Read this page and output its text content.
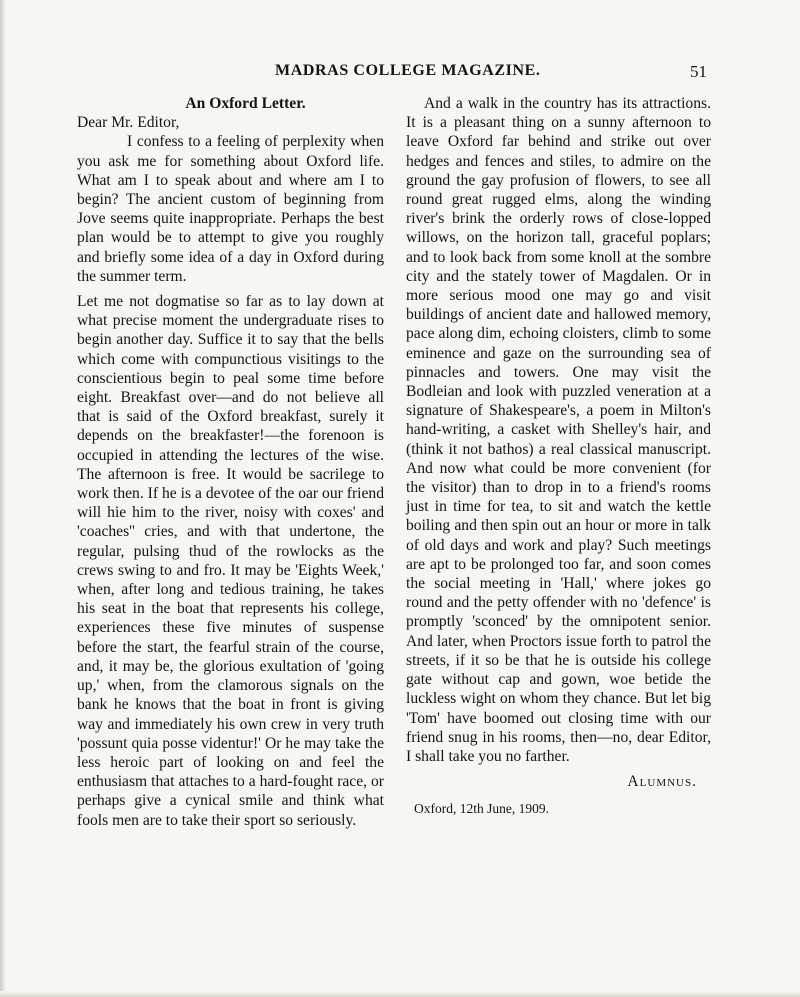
MADRAS COLLEGE MAGAZINE.	51
An Oxford Letter.

Dear Mr. Editor,

I confess to a feeling of perplexity when you ask me for something about Oxford life. What am I to speak about and where am I to begin? The ancient custom of beginning from Jove seems quite inappropriate. Perhaps the best plan would be to attempt to give you roughly and briefly some idea of a day in Oxford during the summer term.

Let me not dogmatise so far as to lay down at what precise moment the undergraduate rises to begin another day. Suffice it to say that the bells which come with compunctious visitings to the conscientious begin to peal some time before eight. Breakfast over—and do not believe all that is said of the Oxford breakfast, surely it depends on the breakfaster!—the forenoon is occupied in attending the lectures of the wise. The afternoon is free. It would be sacrilege to work then. If he is a devotee of the oar our friend will hie him to the river, noisy with coxes' and 'coaches'' cries, and with that undertone, the regular, pulsing thud of the rowlocks as the crews swing to and fro. It may be 'Eights Week,' when, after long and tedious training, he takes his seat in the boat that represents his college, experiences these five minutes of suspense before the start, the fearful strain of the course, and, it may be, the glorious exultation of 'going up,' when, from the clamorous signals on the bank he knows that the boat in front is giving way and immediately his own crew in very truth 'possunt quia posse videntur!' Or he may take the less heroic part of looking on and feel the enthusiasm that attaches to a hard-fought race, or perhaps give a cynical smile and think what fools men are to take their sport so seriously.

And a walk in the country has its attractions. It is a pleasant thing on a sunny afternoon to leave Oxford far behind and strike out over hedges and fences and stiles, to admire on the ground the gay profusion of flowers, to see all round great rugged elms, along the winding river's brink the orderly rows of close-lopped willows, on the horizon tall, graceful poplars; and to look back from some knoll at the sombre city and the stately tower of Magdalen. Or in more serious mood one may go and visit buildings of ancient date and hallowed memory, pace along dim, echoing cloisters, climb to some eminence and gaze on the surrounding sea of pinnacles and towers. One may visit the Bodleian and look with puzzled veneration at a signature of Shakespeare's, a poem in Milton's hand-writing, a casket with Shelley's hair, and (think it not bathos) a real classical manuscript. And now what could be more convenient (for the visitor) than to drop in to a friend's rooms just in time for tea, to sit and watch the kettle boiling and then spin out an hour or more in talk of old days and work and play? Such meetings are apt to be prolonged too far, and soon comes the social meeting in 'Hall,' where jokes go round and the petty offender with no 'defence' is promptly 'sconced' by the omnipotent senior. And later, when Proctors issue forth to patrol the streets, if it so be that he is outside his college gate without cap and gown, woe betide the luckless wight on whom they chance. But let big 'Tom' have boomed out closing time with our friend snug in his rooms, then—no, dear Editor, I shall take you no farther.

Alumnus.
Oxford, 12th June, 1909.
